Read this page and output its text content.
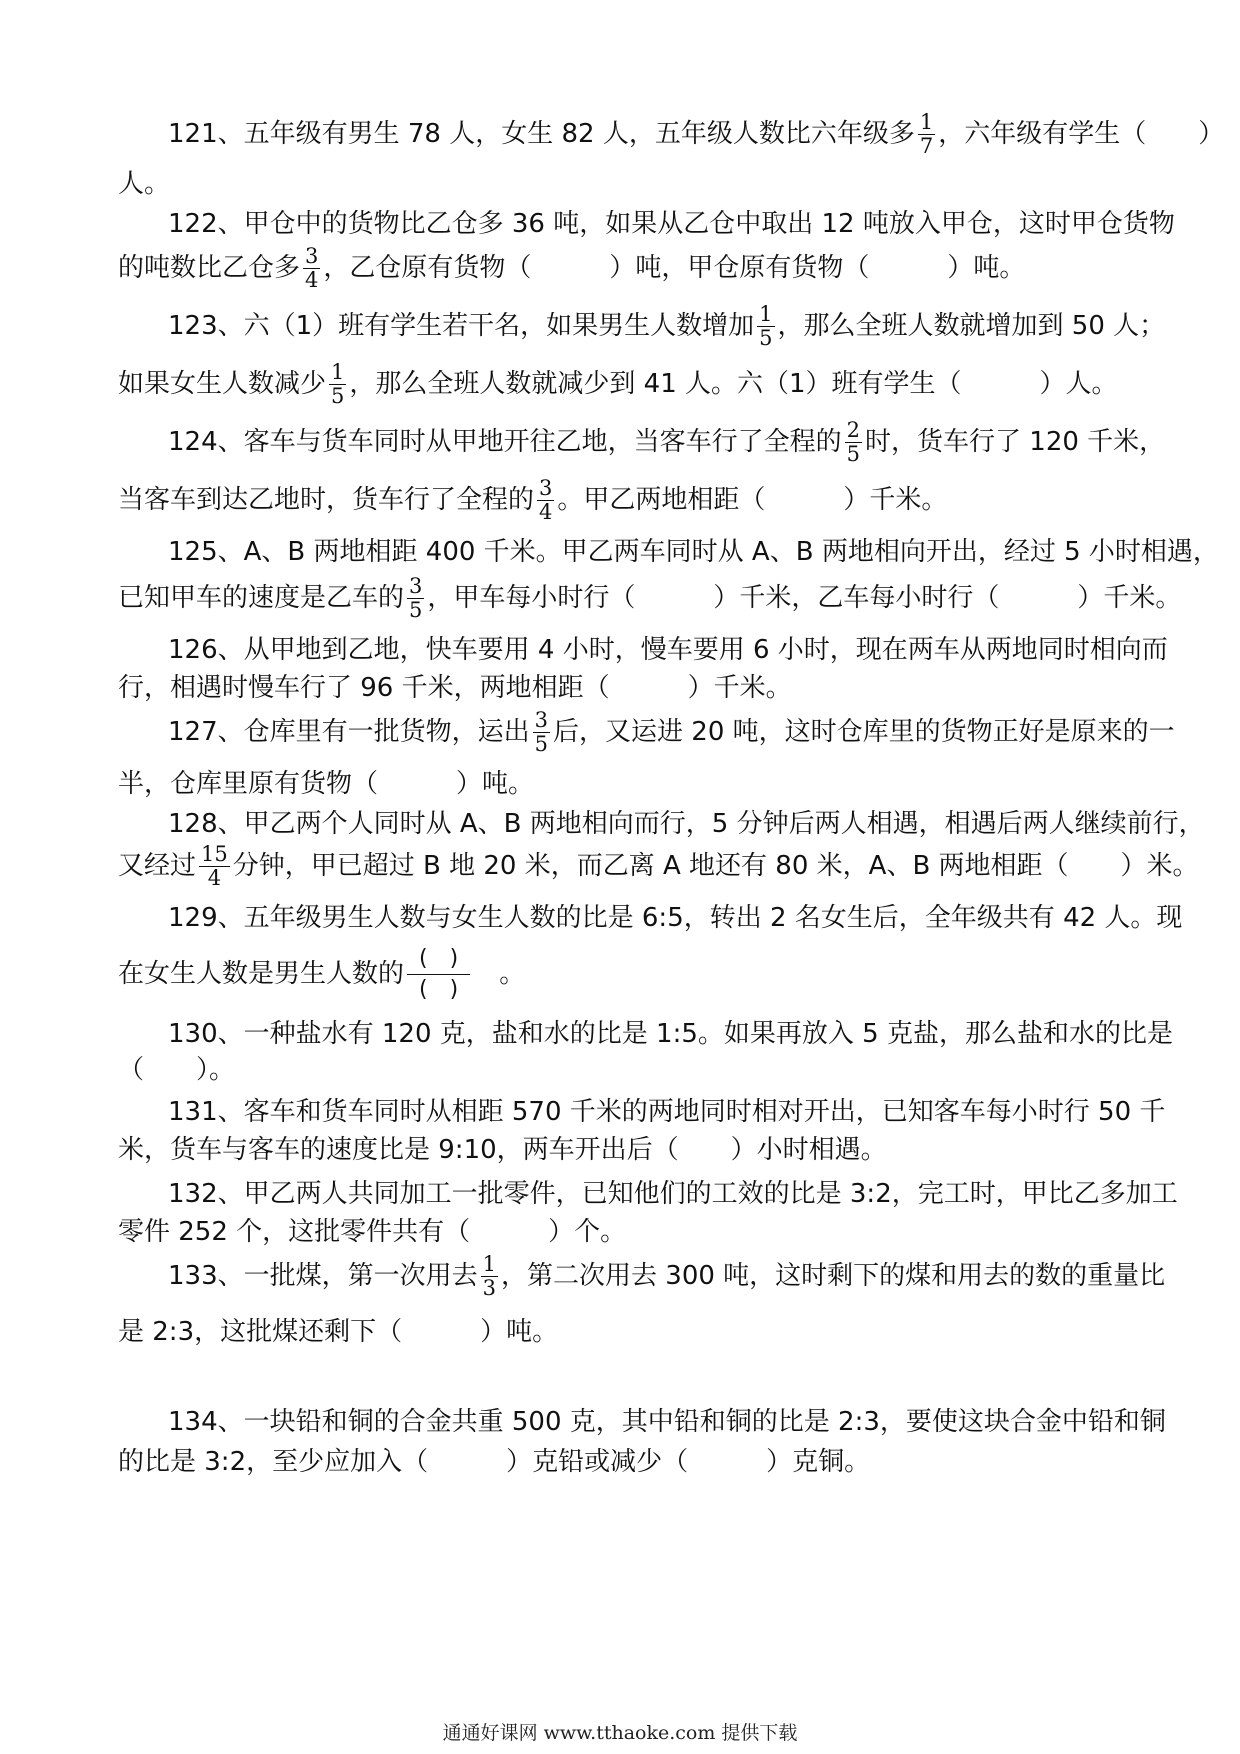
121、五年级有男生 78 人，女生 82 人，五年级人数比六年级多 $\frac{1}{7}$ ，六年级有学生（　　）
人。
122、甲仓中的货物比乙仓多 36 吨，如果从乙仓中取出 12 吨放入甲仓，这时甲仓货物
的吨数比乙仓多 $\frac{3}{4}$ ，乙仓原有货物（　　　）吨，甲仓原有货物（　　　）吨。
123、六（1）班有学生若干名，如果男生人数增加 $\frac{1}{5}$ ，那么全班人数就增加到 50 人；
如果女生人数减少 $\frac{1}{5}$ ，那么全班人数就减少到 41 人。六（1）班有学生（　　　）人。
124、客车与货车同时从甲地开往乙地，当客车行了全程的 $\frac{2}{5}$ 时，货车行了 120 千米，
当客车到达乙地时，货车行了全程的 $\frac{3}{4}$ 。甲乙两地相距（　　　）千米。
125、A、B 两地相距 400 千米。甲乙两车同时从 A、B 两地相向开出，经过 5 小时相遇，
已知甲车的速度是乙车的 $\frac{3}{5}$ ，甲车每小时行（　　　）千米，乙车每小时行（　　　）千米。
126、从甲地到乙地，快车要用 4 小时，慢车要用 6 小时，现在两车从两地同时相向而
行，相遇时慢车行了 96 千米，两地相距（　　　）千米。
127、仓库里有一批货物，运出 $\frac{3}{5}$ 后，又运进 20 吨，这时仓库里的货物正好是原来的一
半，仓库里原有货物（　　　）吨。
128、甲乙两个人同时从 A、B 两地相向而行，5 分钟后两人相遇，相遇后两人继续前行，
又经过 $\frac{15}{4}$ 分钟，甲已超过 B 地 20 米，而乙离 A 地还有 80 米，A、B 两地相距（　　）米。
129、五年级男生人数与女生人数的比是 6:5，转出 2 名女生后，全年级共有 42 人。现
在女生人数是男生人数的 $\frac{( )}{( )}$ 　。
130、一种盐水有 120 克，盐和水的比是 1:5。如果再放入 5 克盐，那么盐和水的比是
（　　）。
131、客车和货车同时从相距 570 千米的两地同时相对开出，已知客车每小时行 50 千
米，货车与客车的速度比是 9:10，两车开出后（　　）小时相遇。
132、甲乙两人共同加工一批零件，已知他们的工效的比是 3:2，完工时，甲比乙多加工
零件 252 个，这批零件共有（　　　）个。
133、一批煤，第一次用去 $\frac{1}{3}$ ，第二次用去 300 吨，这时剩下的煤和用去的数的重量比
是 2:3，这批煤还剩下（　　　）吨。
134、一块铅和铜的合金共重 500 克，其中铅和铜的比是 2:3，要使这块合金中铅和铜
的比是 3:2，至少应加入（　　　）克铅或减少（　　　）克铜。
通通好课网 www.tthaoke.com 提供下载
